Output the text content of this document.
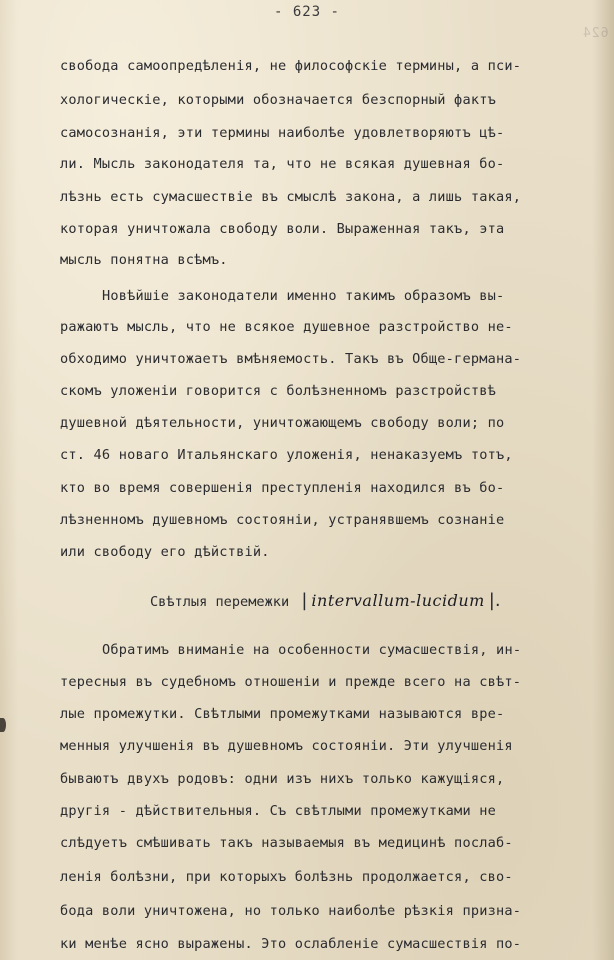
624
- 623 -
свобода самоопредѣленія, не философскіе термины, а пси-
хологическіе, которыми обозначается безспорный фактъ
самосознанія, эти термины наиболѣе удовлетворяютъ цѣ-
ли. Мысль законодателя та, что не всякая душевная бо-
лѣзнь есть сумасшествіе въ смыслѣ закона, а лишь такая,
которая уничтожала свободу воли. Выраженная такъ, эта
мысль понятна всѣмъ.
Новѣйшіе законодатели именно такимъ образомъ вы-
ражаютъ мысль, что не всякое душевное разстройство не-
обходимо уничтожаетъ вмѣняемость. Такъ въ Обще-германа-
скомъ уложеніи говорится с болѣзненномъ разстройствѣ
душевной дѣятельности, уничтожающемъ свободу воли; по
ст. 46 новаго Итальянскаго уложенія, ненаказуемъ тотъ,
кто во время совершенія преступленія находился въ бо-
лѣзненномъ душевномъ состояніи, устранявшемъ сознаніе
или свободу его дѣйствій.
Свѣтлыя перемежки | intervallum-lucidum |.
Обратимъ вниманіе на особенности сумасшествія, ин-
тересныя въ судебномъ отношеніи и прежде всего на свѣт-
лые промежутки. Свѣтлыми промежутками называются вре-
менныя улучшенія въ душевномъ состояніи. Эти улучшенія
бываютъ двухъ родовъ: одни изъ нихъ только кажущіяся,
другія - дѣйствительныя. Съ свѣтлыми промежутками не
слѣдуетъ смѣшивать такъ называемыя въ медицинѣ послаб-
ленія болѣзни, при которыхъ болѣзнь продолжается, сво-
бода воли уничтожена, но только наиболѣе рѣзкія призна-
ки менѣе ясно выражены. Это ослабленіе сумасшествія по-
